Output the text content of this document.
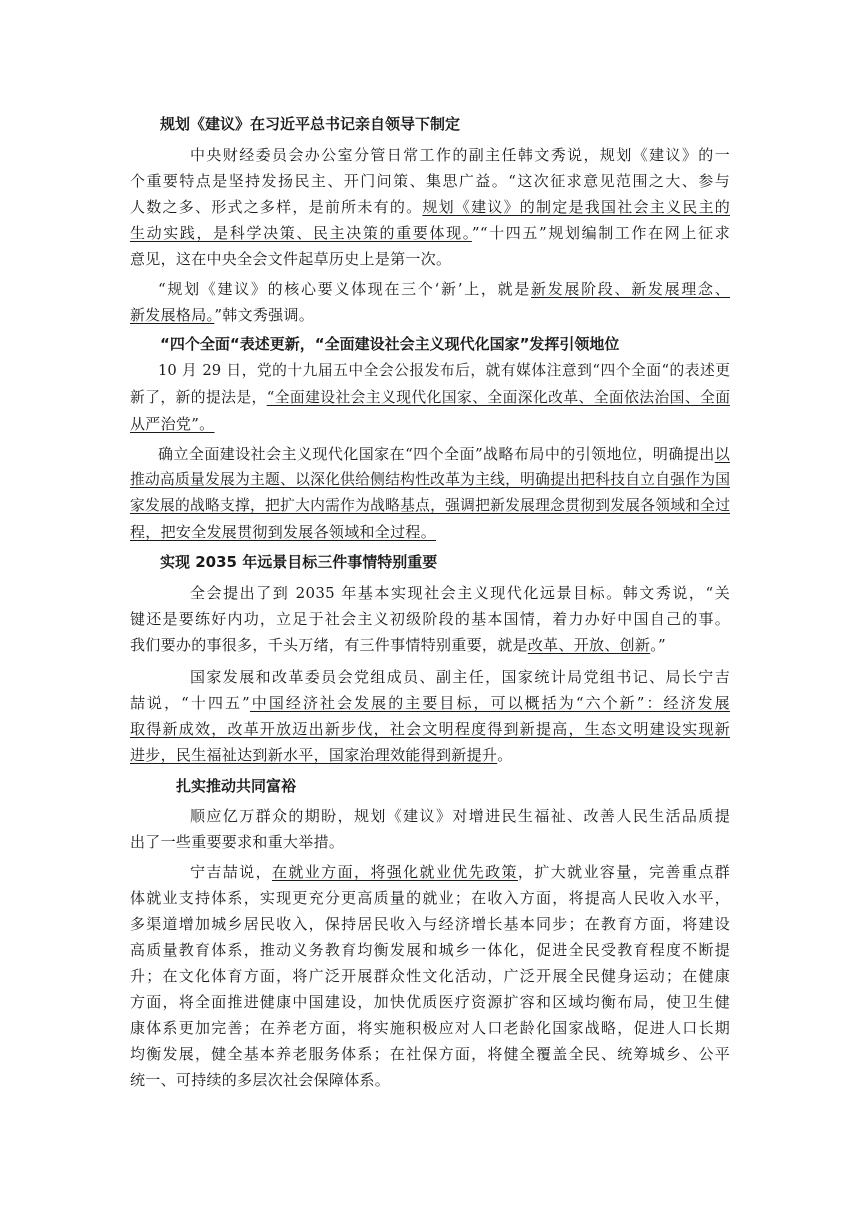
规划《建议》在习近平总书记亲自领导下制定
中央财经委员会办公室分管日常工作的副主任韩文秀说，规划《建议》的一
个重要特点是坚持发扬民主、开门问策、集思广益。“这次征求意见范围之大、参与
人数之多、形式之多样，是前所未有的。规划《建议》的制定是我国社会主义民主的
生动实践，是科学决策、民主决策的重要体现。”“十四五”规划编制工作在网上征求
意见，这在中央全会文件起草历史上是第一次。
“规划《建议》的核心要义体现在三个‘新’上，就是新发展阶段、新发展理念、
新发展格局。”韩文秀强调。
“四个全面“表述更新，“全面建设社会主义现代化国家”发挥引领地位
10 月 29 日，党的十九届五中全会公报发布后，就有媒体注意到“四个全面“的表述更
新了，新的提法是，“全面建设社会主义现代化国家、全面深化改革、全面依法治国、全面
从严治党”。
确立全面建设社会主义现代化国家在“四个全面”战略布局中的引领地位，明确提出以
推动高质量发展为主题、以深化供给侧结构性改革为主线，明确提出把科技自立自强作为国
家发展的战略支撑，把扩大内需作为战略基点，强调把新发展理念贯彻到发展各领域和全过
程，把安全发展贯彻到发展各领域和全过程。
实现 2035 年远景目标三件事情特别重要
全会提出了到 2035 年基本实现社会主义现代化远景目标。韩文秀说，“关
键还是要练好内功，立足于社会主义初级阶段的基本国情，着力办好中国自己的事。
我们要办的事很多，千头万绪，有三件事情特别重要，就是改革、开放、创新。”
国家发展和改革委员会党组成员、副主任，国家统计局党组书记、局长宁吉
喆说，“十四五”中国经济社会发展的主要目标，可以概括为“六个新”：经济发展
取得新成效，改革开放迈出新步伐，社会文明程度得到新提高，生态文明建设实现新
进步，民生福祉达到新水平，国家治理效能得到新提升。
扎实推动共同富裕
顺应亿万群众的期盼，规划《建议》对增进民生福祉、改善人民生活品质提
出了一些重要要求和重大举措。
宁吉喆说，在就业方面，将强化就业优先政策，扩大就业容量，完善重点群
体就业支持体系，实现更充分更高质量的就业；在收入方面，将提高人民收入水平，
多渠道增加城乡居民收入，保持居民收入与经济增长基本同步；在教育方面，将建设
高质量教育体系，推动义务教育均衡发展和城乡一体化，促进全民受教育程度不断提
升；在文化体育方面，将广泛开展群众性文化活动，广泛开展全民健身运动；在健康
方面，将全面推进健康中国建设，加快优质医疗资源扩容和区域均衡布局，使卫生健
康体系更加完善；在养老方面，将实施积极应对人口老龄化国家战略，促进人口长期
均衡发展，健全基本养老服务体系；在社保方面，将健全覆盖全民、统筹城乡、公平
统一、可持续的多层次社会保障体系。
